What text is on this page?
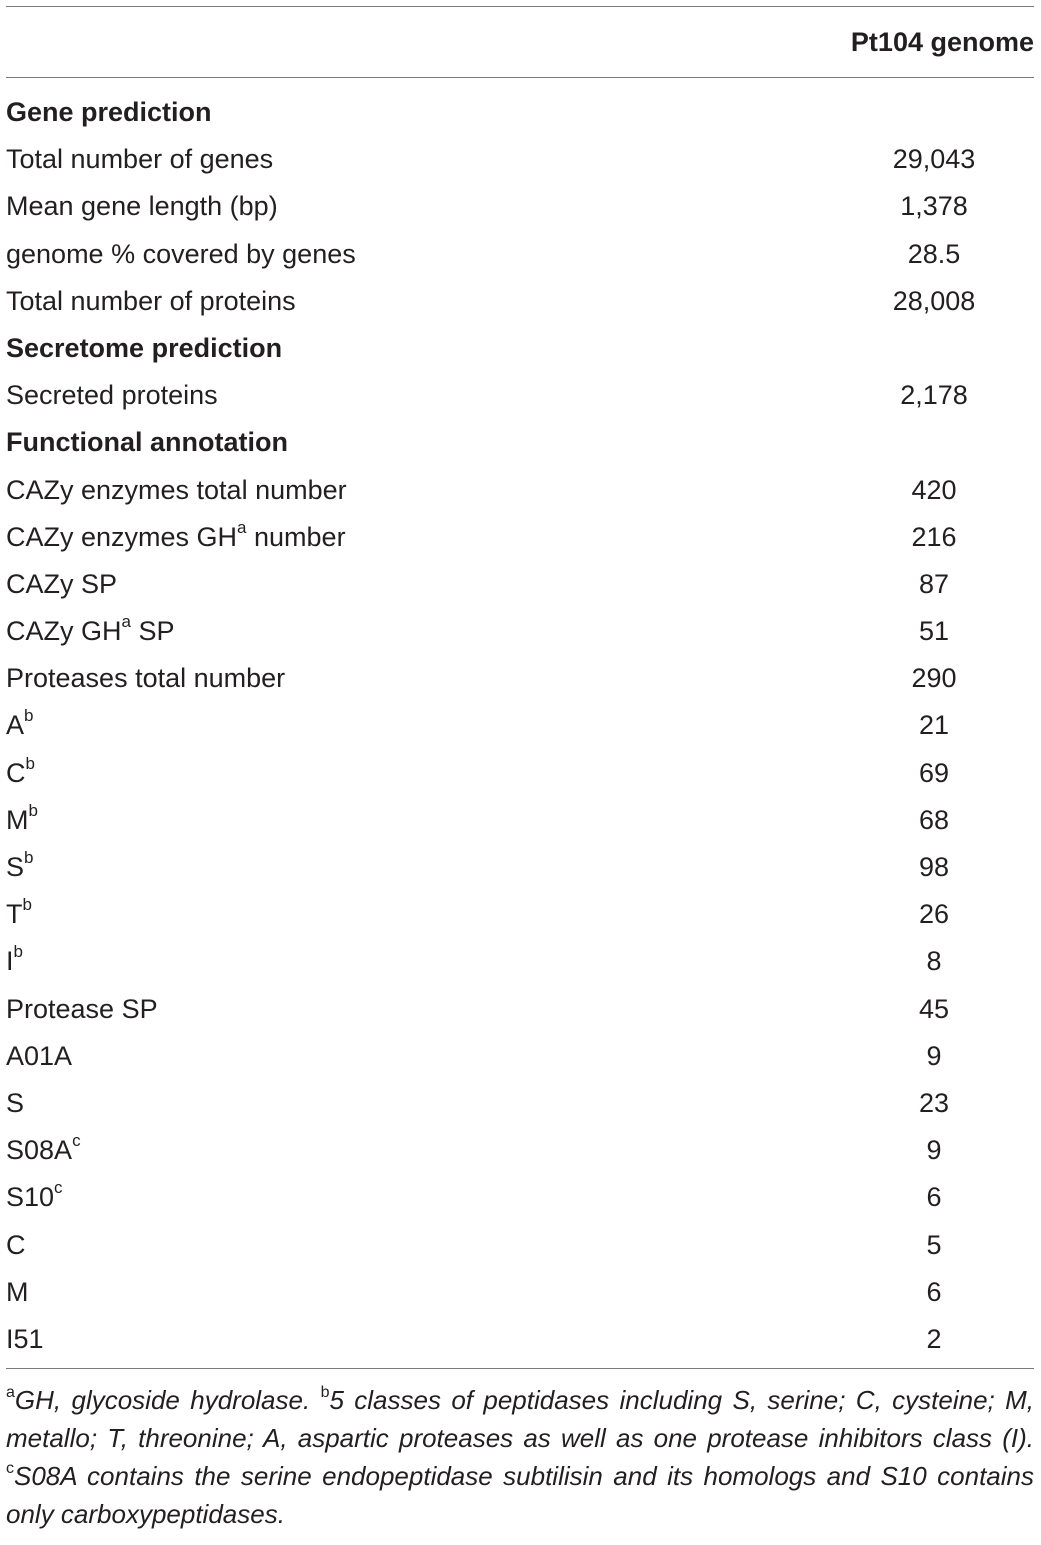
Pt104 genome
Gene prediction
Total number of genes	29,043
Mean gene length (bp)	1,378
genome % covered by genes	28.5
Total number of proteins	28,008
Secretome prediction
Secreted proteins	2,178
Functional annotation
CAZy enzymes total number	420
CAZy enzymes $GH^a$ number	216
CAZy SP	87
CAZy $GH^a$ SP	51
Proteases total number	290
$A^b$	21
$C^b$	69
$M^b$	68
$S^b$	98
$T^b$	26
$I^b$	8
Protease SP	45
A01A	9
S	23
$S08A^c$	9
S10$^c$	6
C	5
M	6
I51	2
$^a$GH, glycoside hydrolase. $^b$5 classes of peptidases including S, serine; C, cysteine; M, metallo; T, threonine; A, aspartic proteases as well as one protease inhibitors class (I). $^c$S08A contains the serine endopeptidase subtilisin and its homologs and S10 contains only carboxypeptidases.
